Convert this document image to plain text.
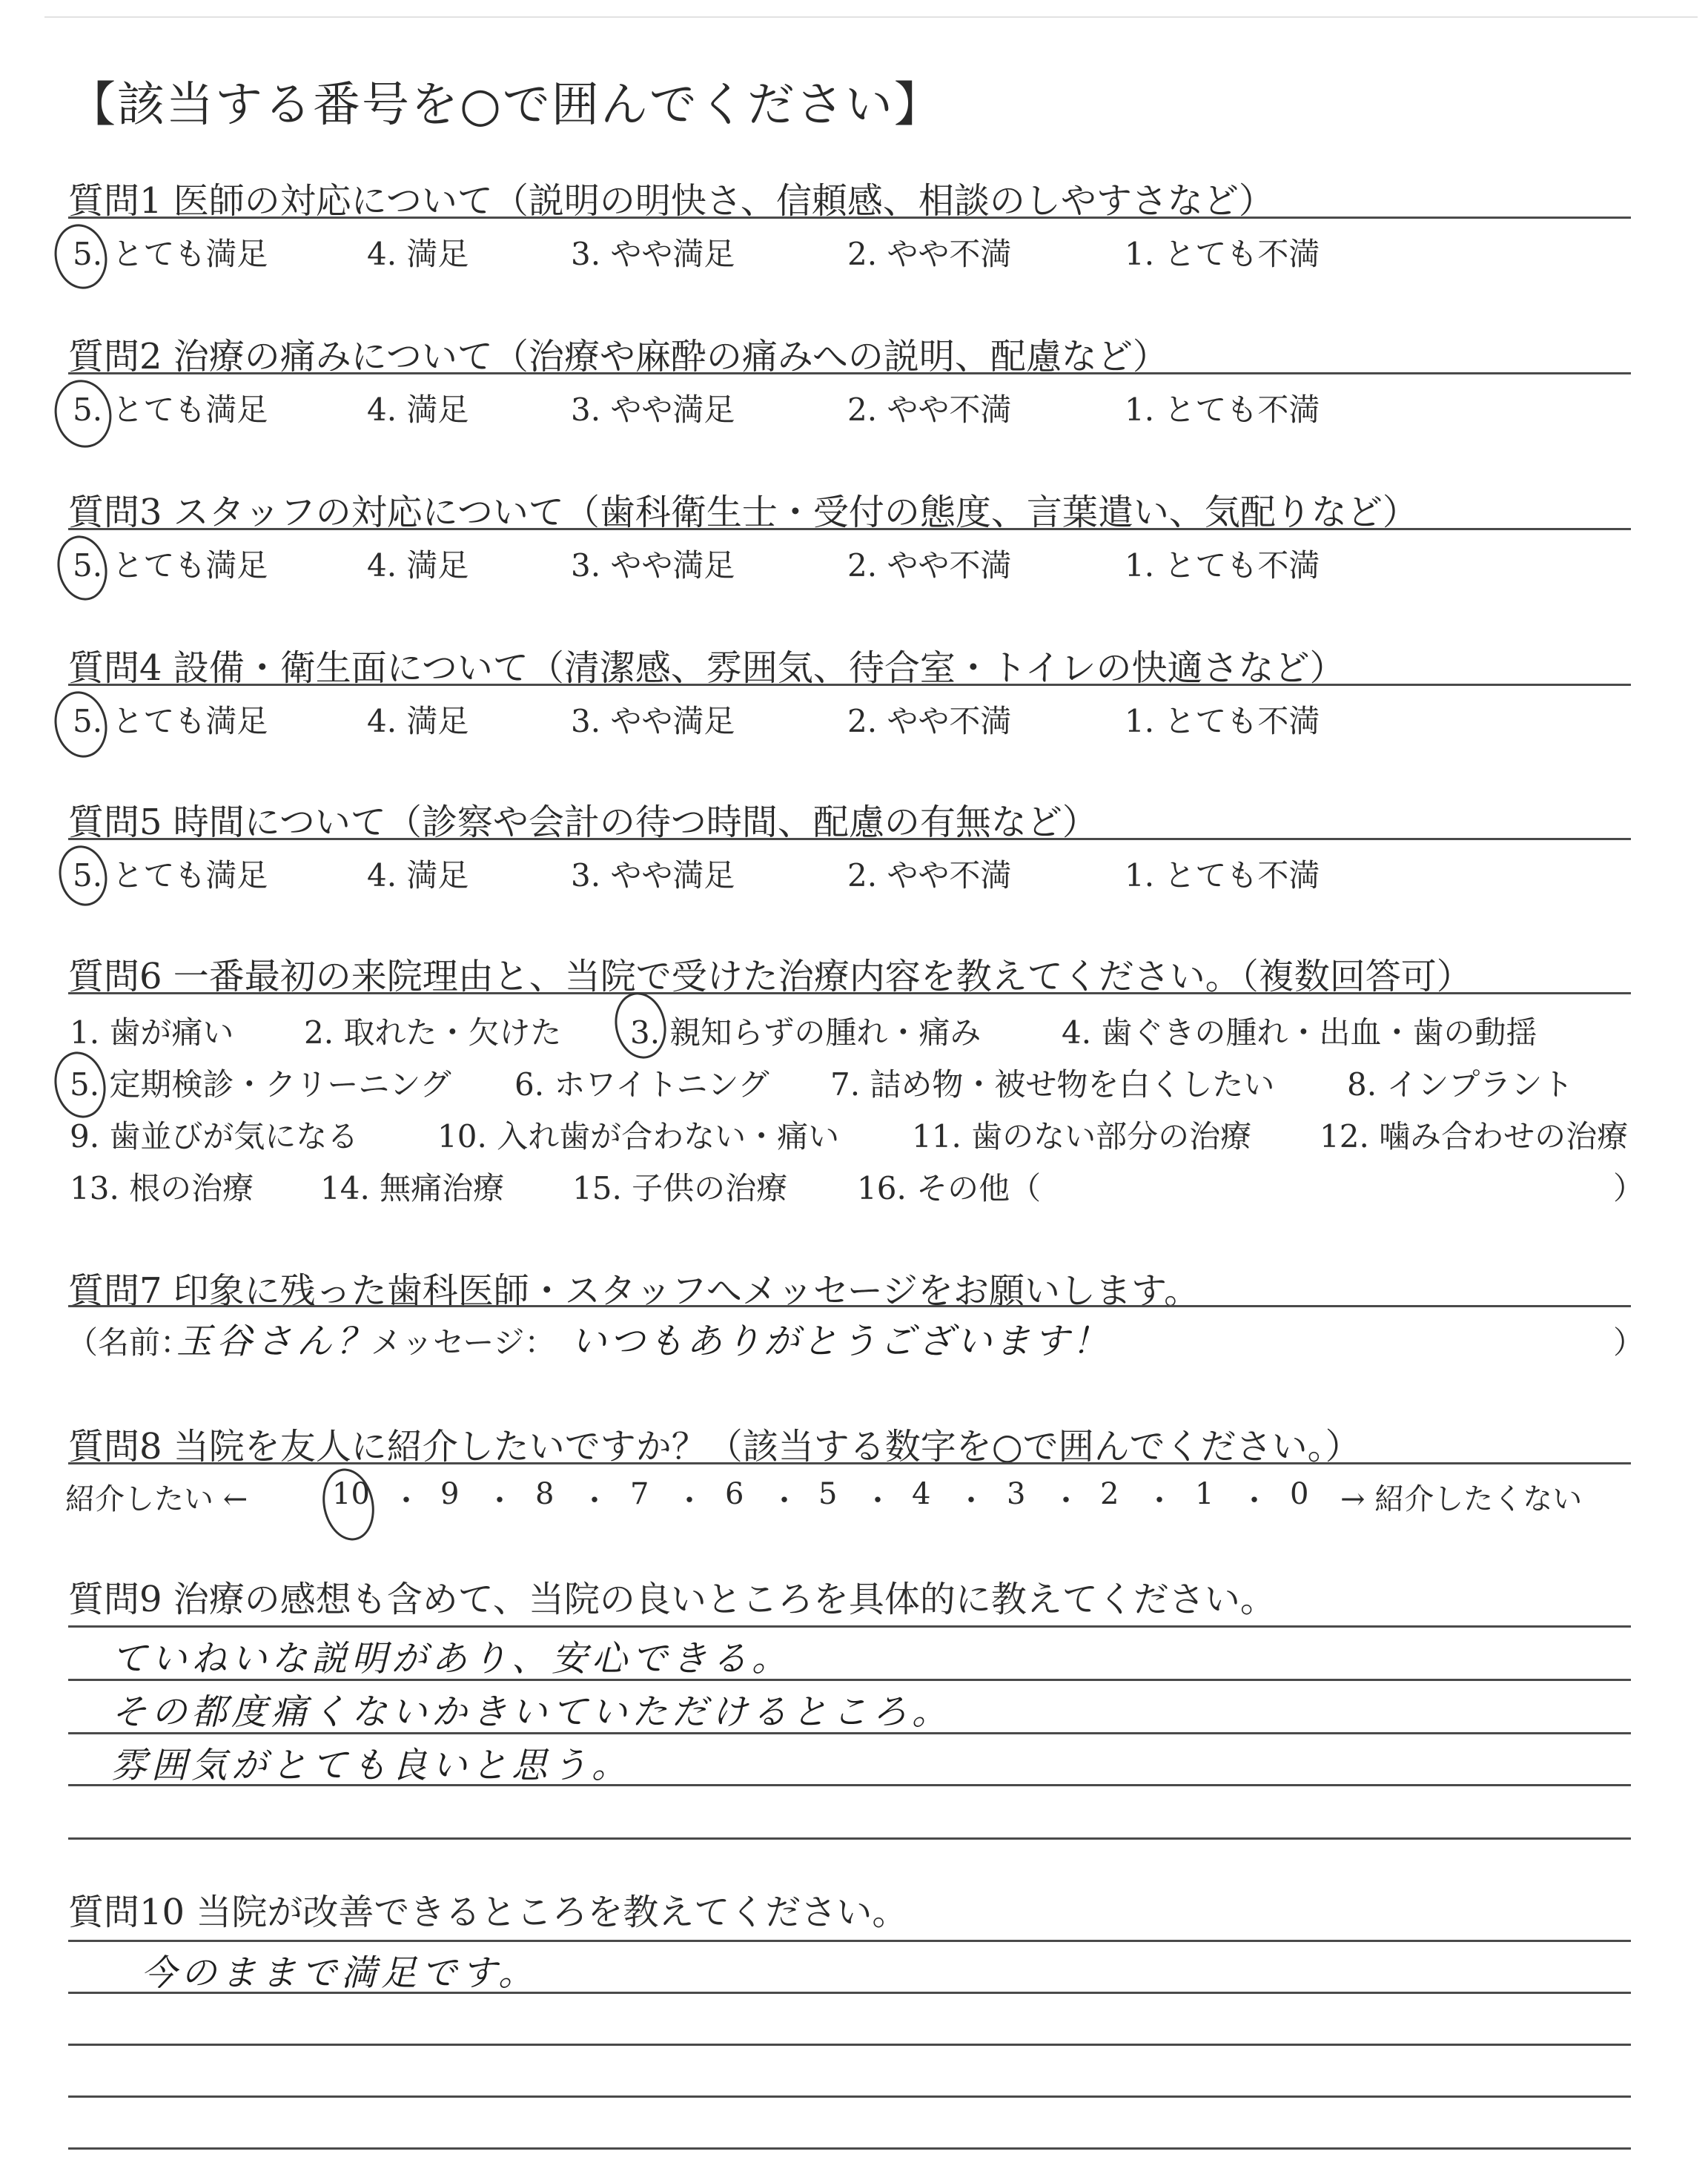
【該当する番号を○で囲んでください】
質問1 医師の対応について（説明の明快さ、信頼感、相談のしやすさなど）
5. とても満足	4. 満足	3. やや満足	2. やや不満	1. とても不満
質問2 治療の痛みについて（治療や麻酔の痛みへの説明、配慮など）
5. とても満足	4. 満足	3. やや満足	2. やや不満	1. とても不満
質問3 スタッフの対応について（歯科衛生士・受付の態度、言葉遣い、気配りなど）
5. とても満足	4. 満足	3. やや満足	2. やや不満	1. とても不満
質問4 設備・衛生面について（清潔感、雰囲気、待合室・トイレの快適さなど）
5. とても満足	4. 満足	3. やや満足	2. やや不満	1. とても不満
質問5 時間について（診察や会計の待つ時間、配慮の有無など）
5. とても満足	4. 満足	3. やや満足	2. やや不満	1. とても不満
質問6 一番最初の来院理由と、当院で受けた治療内容を教えてください。（複数回答可）
1. 歯が痛い 2. 取れた・欠けた 3. 親知らずの腫れ・痛み	4. 歯ぐきの腫れ・出血・歯の動揺
5. 定期検診・クリーニング 6. ホワイトニング 7. 詰め物・被せ物を白くしたい 8. インプラント
9. 歯並びが気になる	10. 入れ歯が合わない・痛い 11. 歯のない部分の治療 12. 噛み合わせの治療
13. 根の治療 14. 無痛治療 15. 子供の治療 16. その他（	）
質問7 印象に残った歯科医師・スタッフへメッセージをお願いします。
（名前：
玉谷さん？
メッセージ： いつもありがとうございます！	）
質問8 当院を友人に紹介したいですか？（該当する数字を○で囲んでください。）
紹介したい ←	10 ・ 9 ・ 8 ・ 7 ・ 6 ・ 5 ・ 4 ・ 3 ・ 2 ・ 1 ・ 0 → 紹介したくない
質問9 治療の感想も含めて、当院の良いところを具体的に教えてください。
ていねいな説明があり、安心できる。
その都度痛くないかきいていただけるところ。
雰囲気がとても良いと思う。
質問10 当院が改善できるところを教えてください。
今のままで満足です。
